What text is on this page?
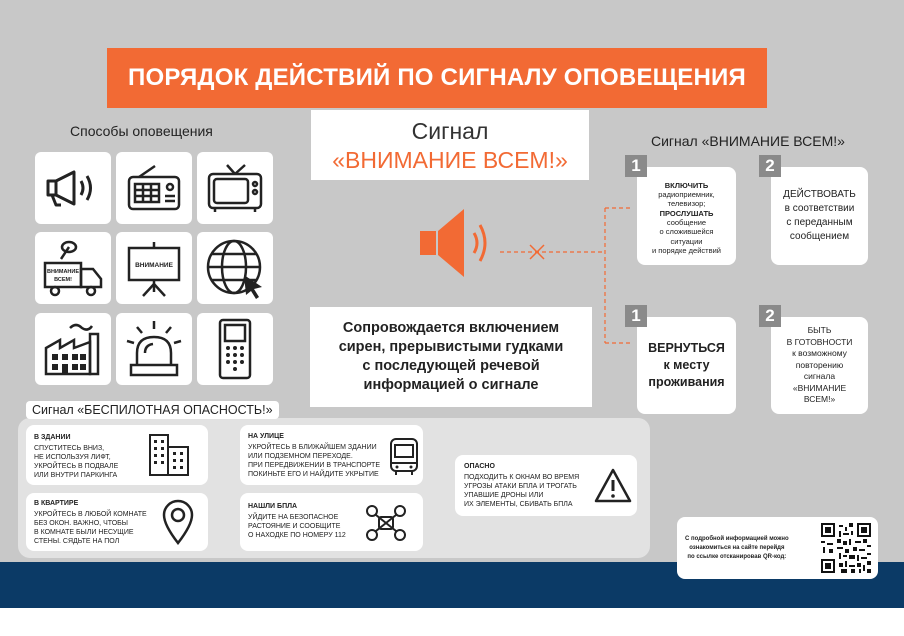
ПОРЯДОК ДЕЙСТВИЙ ПО СИГНАЛУ ОПОВЕЩЕНИЯ
Способы оповещения
ВНИМАНИЕ
ВСЕМ!
ВНИМАНИЕ
Сигнал
«ВНИМАНИЕ ВСЕМ!»
Сопровождается включением
сирен, прерывистыми гудками
с последующей речевой
информацией о сигнале
Сигнал «ВНИМАНИЕ ВСЕМ!»
ВКЛЮЧИТЬ
радиоприемник,
телевизор;
ПРОСЛУШАТЬ
сообщение
о сложившейся
ситуации
и порядке действий
1
ДЕЙСТВОВАТЬ
в соответствии
с переданным
сообщением
2
ВЕРНУТЬСЯ
к месту
проживания
1
БЫТЬ
В ГОТОВНОСТИ
к возможному
повторению
сигнала
«ВНИМАНИЕ
ВСЕМ!»
2
Сигнал «БЕСПИЛОТНАЯ ОПАСНОСТЬ!»
В ЗДАНИИ
СПУСТИТЕСЬ ВНИЗ,
НЕ ИСПОЛЬЗУЯ ЛИФТ,
УКРОЙТЕСЬ В ПОДВАЛЕ
ИЛИ ВНУТРИ ПАРКИНГА
В КВАРТИРЕ
УКРОЙТЕСЬ В ЛЮБОЙ КОМНАТЕ
БЕЗ ОКОН. ВАЖНО, ЧТОБЫ
В КОМНАТЕ БЫЛИ НЕСУЩИЕ
СТЕНЫ. СЯДЬТЕ НА ПОЛ
НА УЛИЦЕ
УКРОЙТЕСЬ В БЛИЖАЙШЕМ ЗДАНИИ
ИЛИ ПОДЗЕМНОМ ПЕРЕХОДЕ.
ПРИ ПЕРЕДВИЖЕНИИ В ТРАНСПОРТЕ
ПОКИНЬТЕ ЕГО И НАЙДИТЕ УКРЫТИЕ
НАШЛИ БПЛА
УЙДИТЕ НА БЕЗОПАСНОЕ
РАСТОЯНИЕ И СООБЩИТЕ
О НАХОДКЕ ПО НОМЕРУ 112
ОПАСНО
ПОДХОДИТЬ К ОКНАМ ВО ВРЕМЯ
УГРОЗЫ АТАКИ БПЛА И ТРОГАТЬ
УПАВШИЕ ДРОНЫ ИЛИ
ИХ ЭЛЕМЕНТЫ, СБИВАТЬ БПЛА
С подробной информацией можно
ознакомиться на сайте перейдя
по ссылке отсканировав QR-код:
